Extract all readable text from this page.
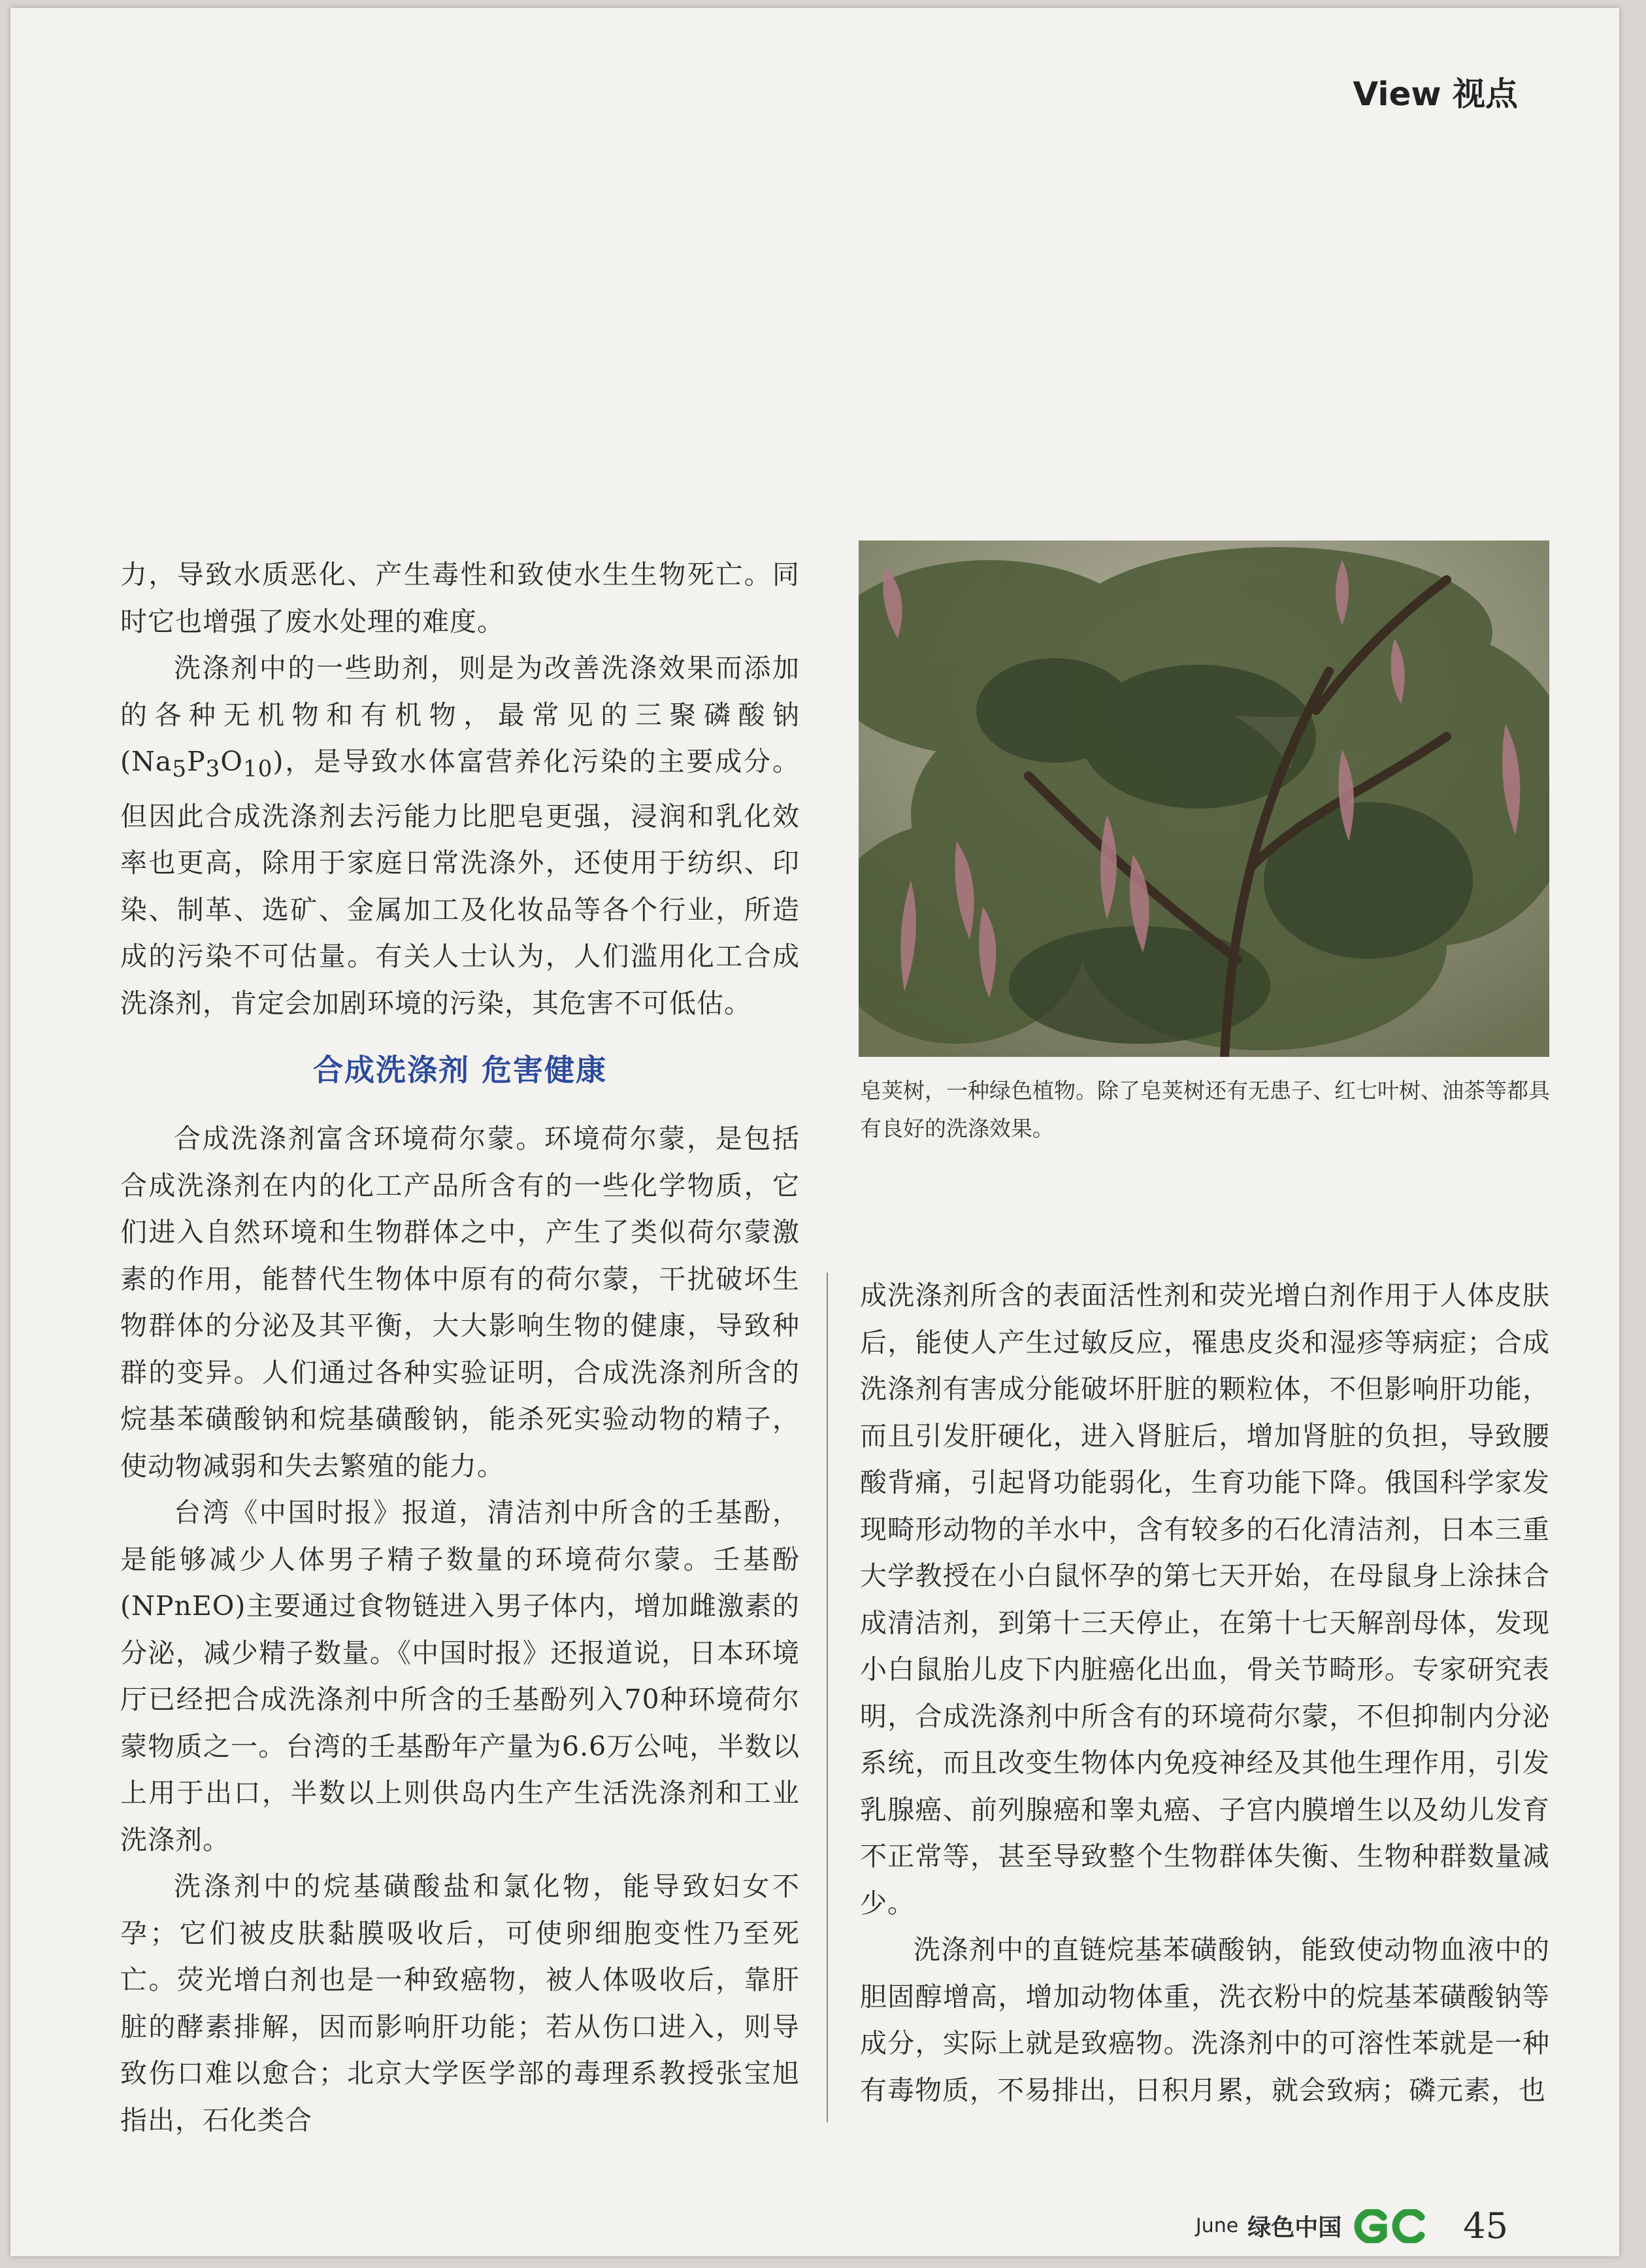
View 视点

力，导致水质恶化、产生毒性和致使水生生物死亡。同时它也增强了废水处理的难度。

洗涤剂中的一些助剂，则是为改善洗涤效果而添加的各种无机物和有机物，最常见的三聚磷酸钠$(Na_5P_3O_{10})$，是导致水体富营养化污染的主要成分。但因此合成洗涤剂去污能力比肥皂更强，浸润和乳化效率也更高，除用于家庭日常洗涤外，还使用于纺织、印染、制革、选矿、金属加工及化妆品等各个行业，所造成的污染不可估量。有关人士认为，人们滥用化工合成洗涤剂，肯定会加剧环境的污染，其危害不可低估。

合成洗涤剂 危害健康

合成洗涤剂富含环境荷尔蒙。环境荷尔蒙，是包括合成洗涤剂在内的化工产品所含有的一些化学物质，它们进入自然环境和生物群体之中，产生了类似荷尔蒙激素的作用，能替代生物体中原有的荷尔蒙，干扰破坏生物群体的分泌及其平衡，大大影响生物的健康，导致种群的变异。人们通过各种实验证明，合成洗涤剂所含的烷基苯磺酸钠和烷基磺酸钠，能杀死实验动物的精子，使动物减弱和失去繁殖的能力。

台湾《中国时报》报道，清洁剂中所含的壬基酚，是能够减少人体男子精子数量的环境荷尔蒙。壬基酚(NPnEO)主要通过食物链进入男子体内，增加雌激素的分泌，减少精子数量。《中国时报》还报道说，日本环境厅已经把合成洗涤剂中所含的壬基酚列入70种环境荷尔蒙物质之一。台湾的壬基酚年产量为6.6万公吨，半数以上用于出口，半数以上则供岛内生产生活洗涤剂和工业洗涤剂。

洗涤剂中的烷基磺酸盐和氯化物，能导致妇女不孕；它们被皮肤黏膜吸收后，可使卵细胞变性乃至死亡。荧光增白剂也是一种致癌物，被人体吸收后，靠肝脏的酵素排解，因而影响肝功能；若从伤口进入，则导致伤口难以愈合；北京大学医学部的毒理系教授张宝旭指出，石化类合

皂荚树，一种绿色植物。除了皂荚树还有无患子、红七叶树、油茶等都具有良好的洗涤效果。

成洗涤剂所含的表面活性剂和荧光增白剂作用于人体皮肤后，能使人产生过敏反应，罹患皮炎和湿疹等病症；合成洗涤剂有害成分能破坏肝脏的颗粒体，不但影响肝功能，而且引发肝硬化，进入肾脏后，增加肾脏的负担，导致腰酸背痛，引起肾功能弱化，生育功能下降。俄国科学家发现畸形动物的羊水中，含有较多的石化清洁剂，日本三重大学教授在小白鼠怀孕的第七天开始，在母鼠身上涂抹合成清洁剂，到第十三天停止，在第十七天解剖母体，发现小白鼠胎儿皮下内脏癌化出血，骨关节畸形。专家研究表明，合成洗涤剂中所含有的环境荷尔蒙，不但抑制内分泌系统，而且改变生物体内免疫神经及其他生理作用，引发乳腺癌、前列腺癌和睾丸癌、子宫内膜增生以及幼儿发育不正常等，甚至导致整个生物群体失衡、生物种群数量减少。

洗涤剂中的直链烷基苯磺酸钠，能致使动物血液中的胆固醇增高，增加动物体重，洗衣粉中的烷基苯磺酸钠等成分，实际上就是致癌物。洗涤剂中的可溶性苯就是一种有毒物质，不易排出，日积月累，就会致病；磷元素，也

June 绿色中国	45
